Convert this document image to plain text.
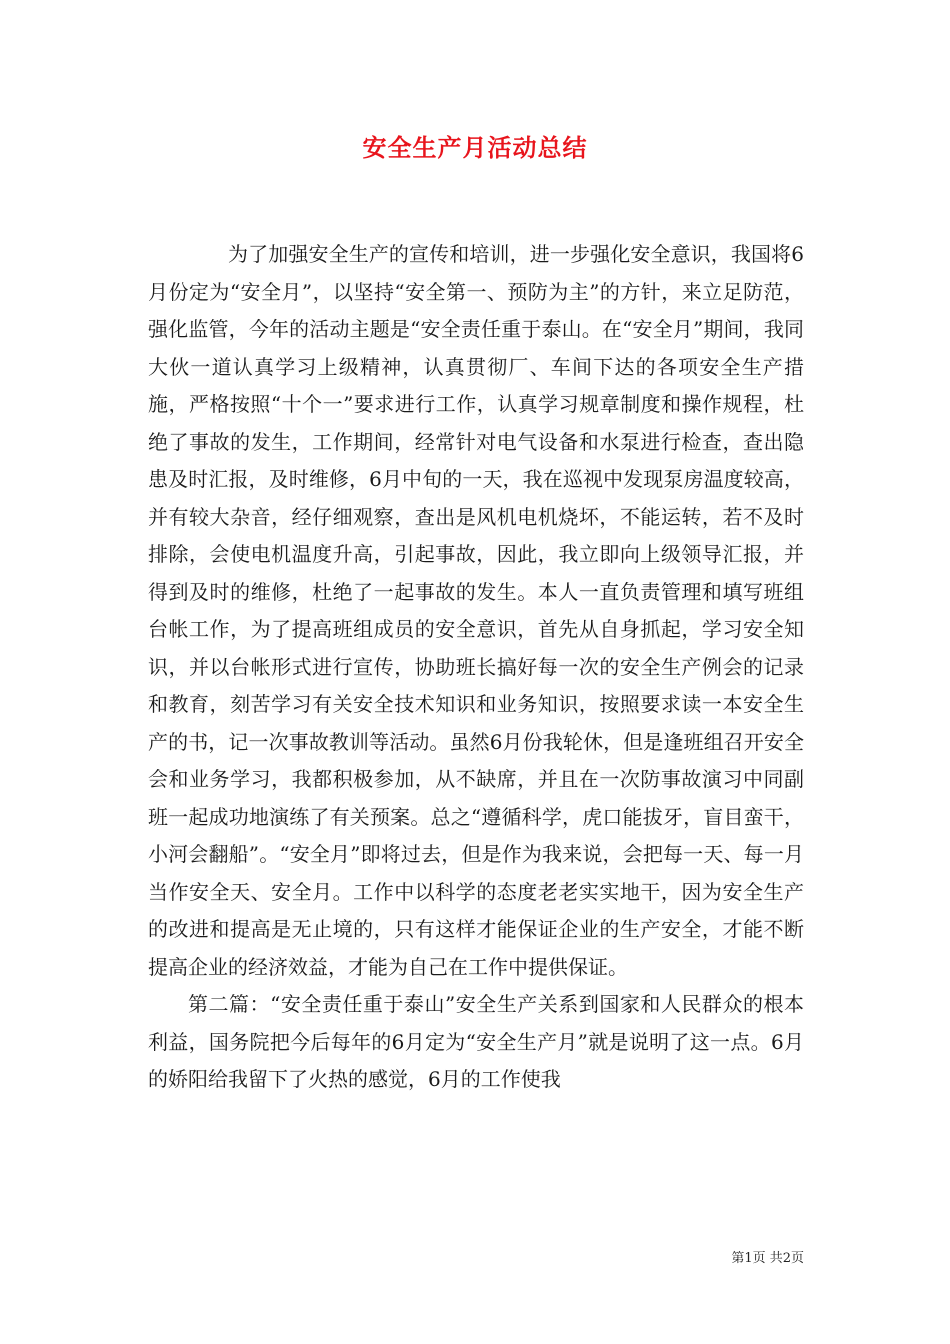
安全生产月活动总结

为了加强安全生产的宣传和培训，进一步强化安全意识，我国将6月份定为“安全月”，以坚持“安全第一、预防为主”的方针，来立足防范，强化监管，今年的活动主题是“安全责任重于泰山。在“安全月”期间，我同大伙一道认真学习上级精神，认真贯彻厂、车间下达的各项安全生产措施，严格按照“十个一”要求进行工作，认真学习规章制度和操作规程，杜绝了事故的发生，工作期间，经常针对电气设备和水泵进行检查，查出隐患及时汇报，及时维修，6月中旬的一天，我在巡视中发现泵房温度较高，并有较大杂音，经仔细观察，查出是风机电机烧坏，不能运转，若不及时排除，会使电机温度升高，引起事故，因此，我立即向上级领导汇报，并得到及时的维修，杜绝了一起事故的发生。本人一直负责管理和填写班组台帐工作，为了提高班组成员的安全意识，首先从自身抓起，学习安全知识，并以台帐形式进行宣传，协助班长搞好每一次的安全生产例会的记录和教育，刻苦学习有关安全技术知识和业务知识，按照要求读一本安全生产的书，记一次事故教训等活动。虽然6月份我轮休，但是逢班组召开安全会和业务学习，我都积极参加，从不缺席，并且在一次防事故演习中同副班一起成功地演练了有关预案。总之“遵循科学，虎口能拔牙，盲目蛮干，小河会翻船”。“安全月”即将过去，但是作为我来说，会把每一天、每一月当作安全天、安全月。工作中以科学的态度老老实实地干，因为安全生产的改进和提高是无止境的，只有这样才能保证企业的生产安全，才能不断提高企业的经济效益，才能为自己在工作中提供保证。

第二篇：“安全责任重于泰山”安全生产关系到国家和人民群众的根本利益，国务院把今后每年的6月定为“安全生产月”就是说明了这一点。6月的娇阳给我留下了火热的感觉，6月的工作使我

第1页 共2页
